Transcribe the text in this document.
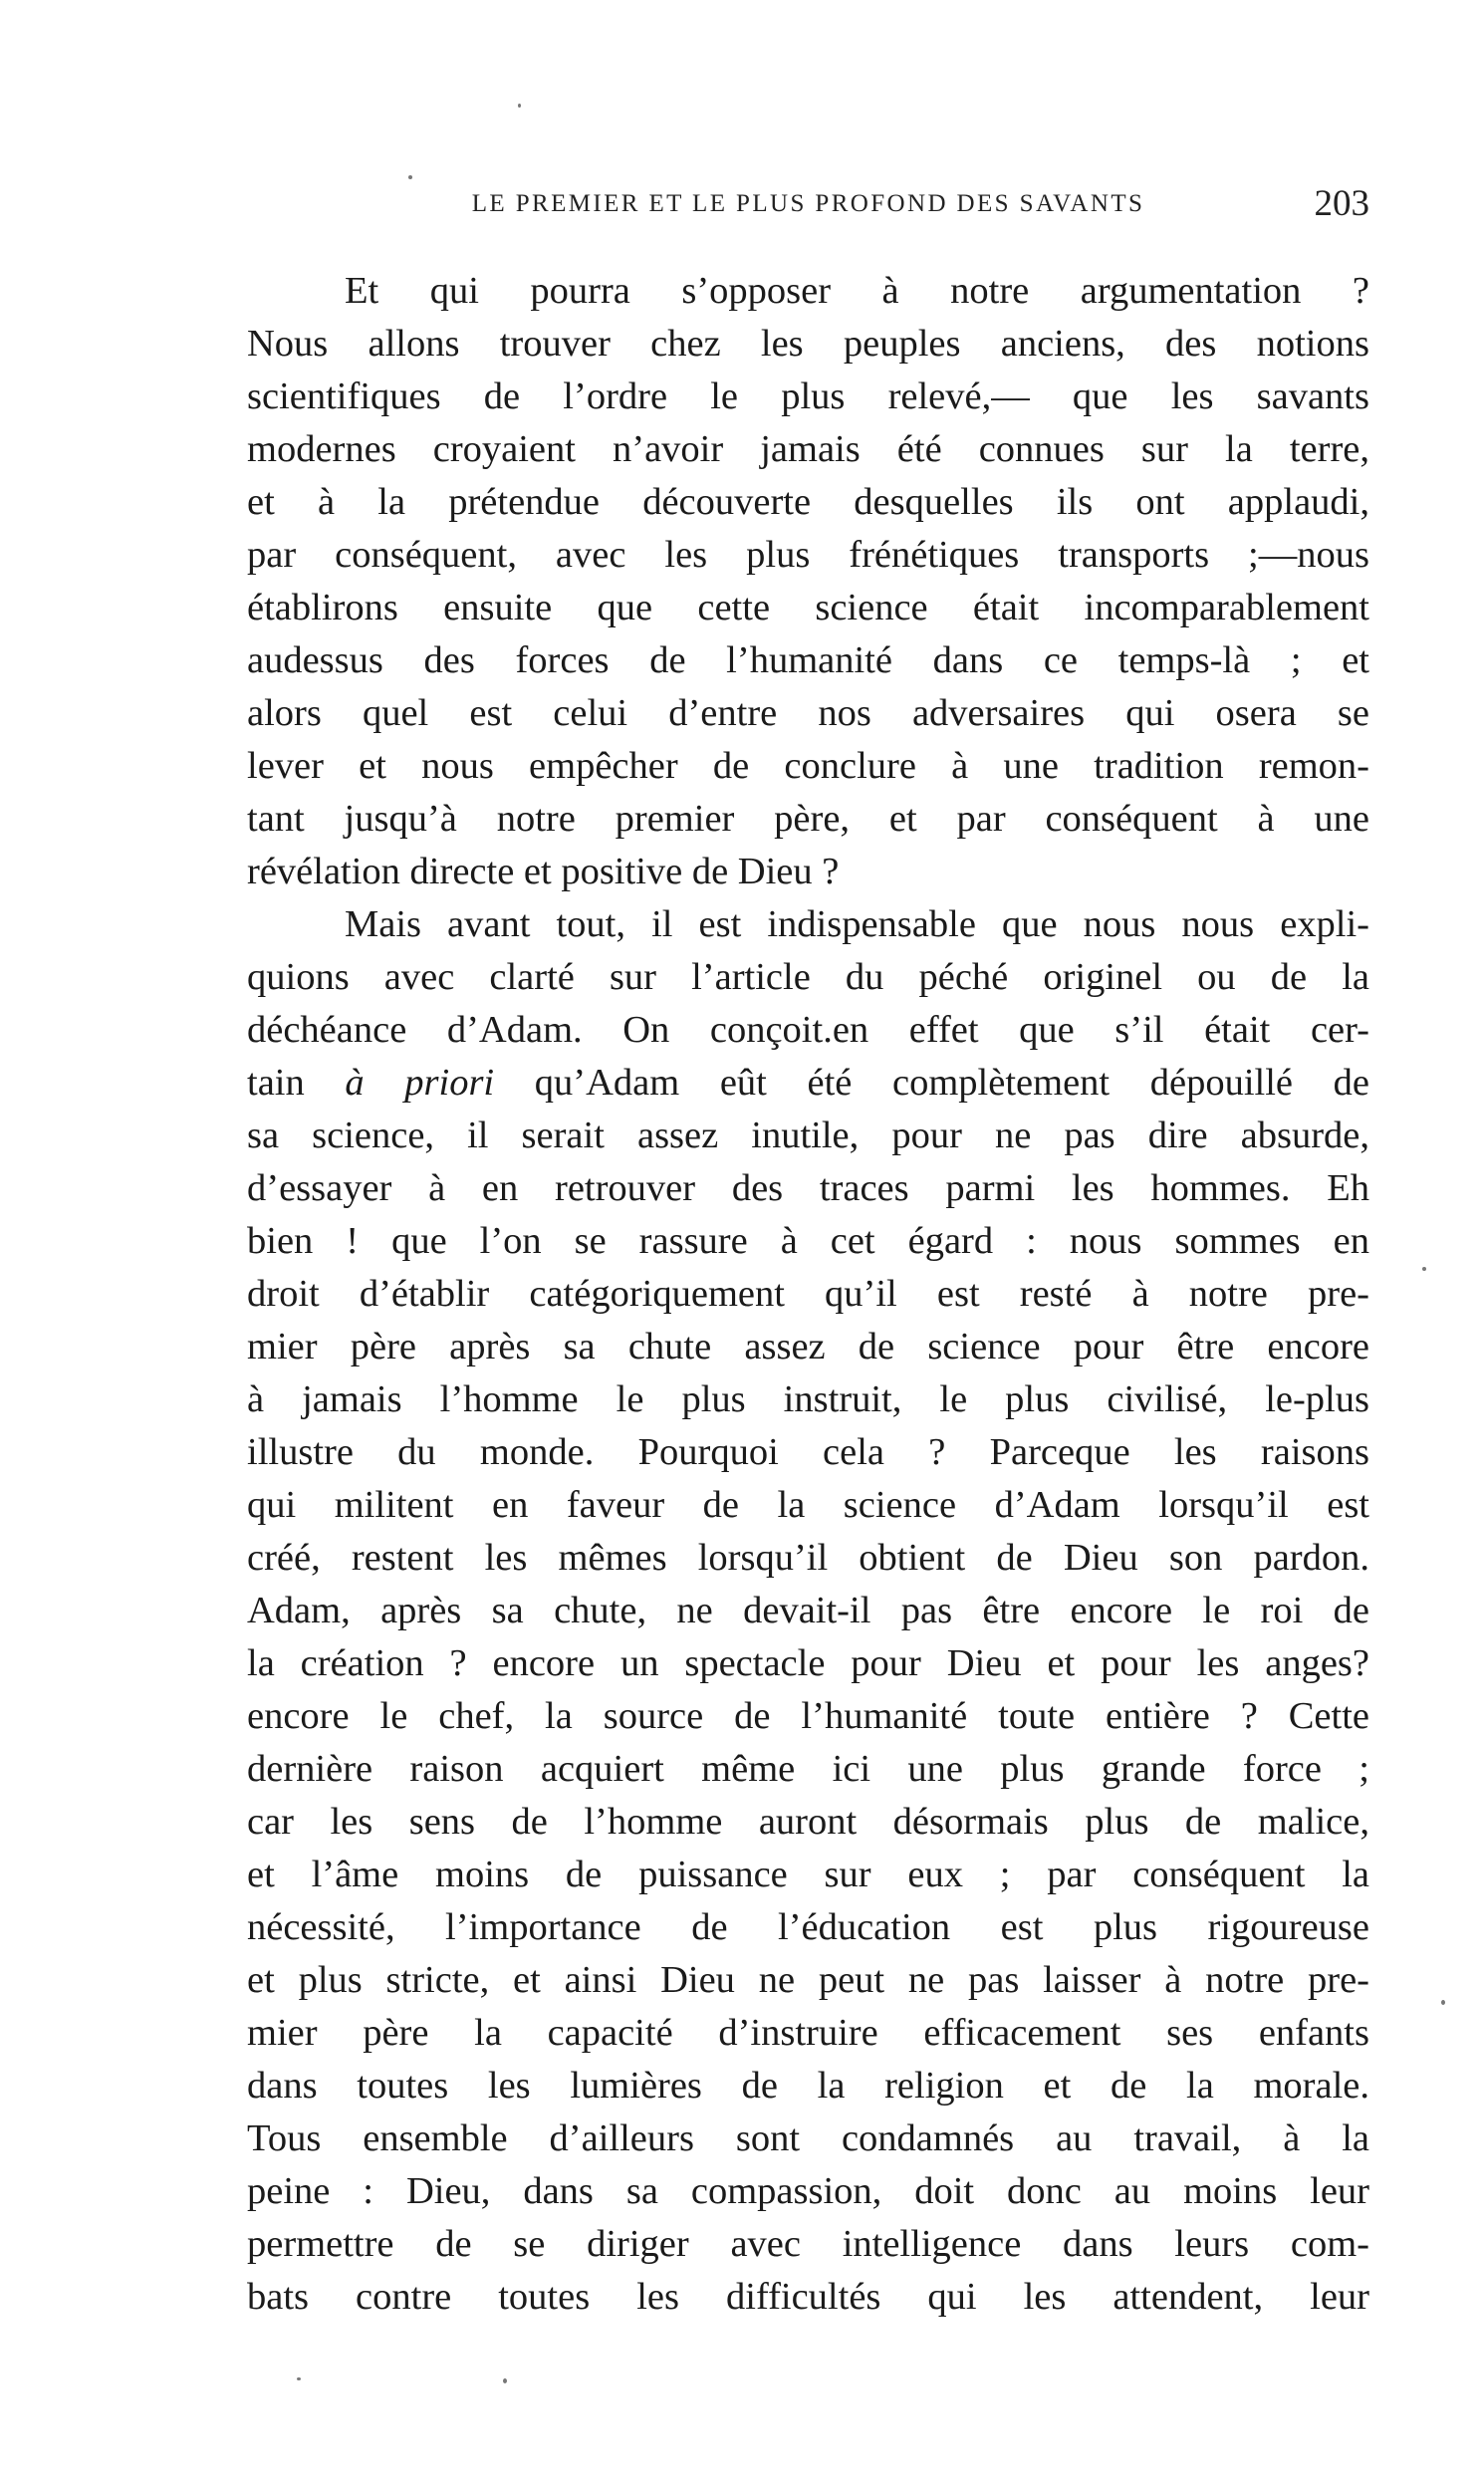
LE PREMIER ET LE PLUS PROFOND DES SAVANTS	203
Et qui pourra s’opposer à notre argumentation ?
Nous allons trouver chez les peuples anciens, des notions
scientifiques de l’ordre le plus relevé,— que les savants
modernes croyaient n’avoir jamais été connues sur la terre,
et à la prétendue découverte desquelles ils ont applaudi,
par conséquent, avec les plus frénétiques transports ;—nous
établirons ensuite que cette science était incomparablement
audessus des forces de l’humanité dans ce temps-là ; et
alors quel est celui d’entre nos adversaires qui osera se
lever et nous empêcher de conclure à une tradition remon-
tant jusqu’à notre premier père, et par conséquent à une
révélation directe et positive de Dieu ?
Mais avant tout, il est indispensable que nous nous expli-
quions avec clarté sur l’article du péché originel ou de la
déchéance d’Adam. On conçoit.en effet que s’il était cer-
tain à priori qu’Adam eût été complètement dépouillé de
sa science, il serait assez inutile, pour ne pas dire absurde,
d’essayer à en retrouver des traces parmi les hommes. Eh
bien ! que l’on se rassure à cet égard : nous sommes en
droit d’établir catégoriquement qu’il est resté à notre pre-
mier père après sa chute assez de science pour être encore
à jamais l’homme le plus instruit, le plus civilisé, le-plus
illustre du monde. Pourquoi cela ? Parceque les raisons
qui militent en faveur de la science d’Adam lorsqu’il est
créé, restent les mêmes lorsqu’il obtient de Dieu son pardon.
Adam, après sa chute, ne devait-il pas être encore le roi de
la création ? encore un spectacle pour Dieu et pour les anges?
encore le chef, la source de l’humanité toute entière ? Cette
dernière raison acquiert même ici une plus grande force ;
car les sens de l’homme auront désormais plus de malice,
et l’âme moins de puissance sur eux ; par conséquent la
nécessité, l’importance de l’éducation est plus rigoureuse
et plus stricte, et ainsi Dieu ne peut ne pas laisser à notre pre-
mier père la capacité d’instruire efficacement ses enfants
dans toutes les lumières de la religion et de la morale.
Tous ensemble d’ailleurs sont condamnés au travail, à la
peine : Dieu, dans sa compassion, doit donc au moins leur
permettre de se diriger avec intelligence dans leurs com-
bats contre toutes les difficultés qui les attendent, leur
